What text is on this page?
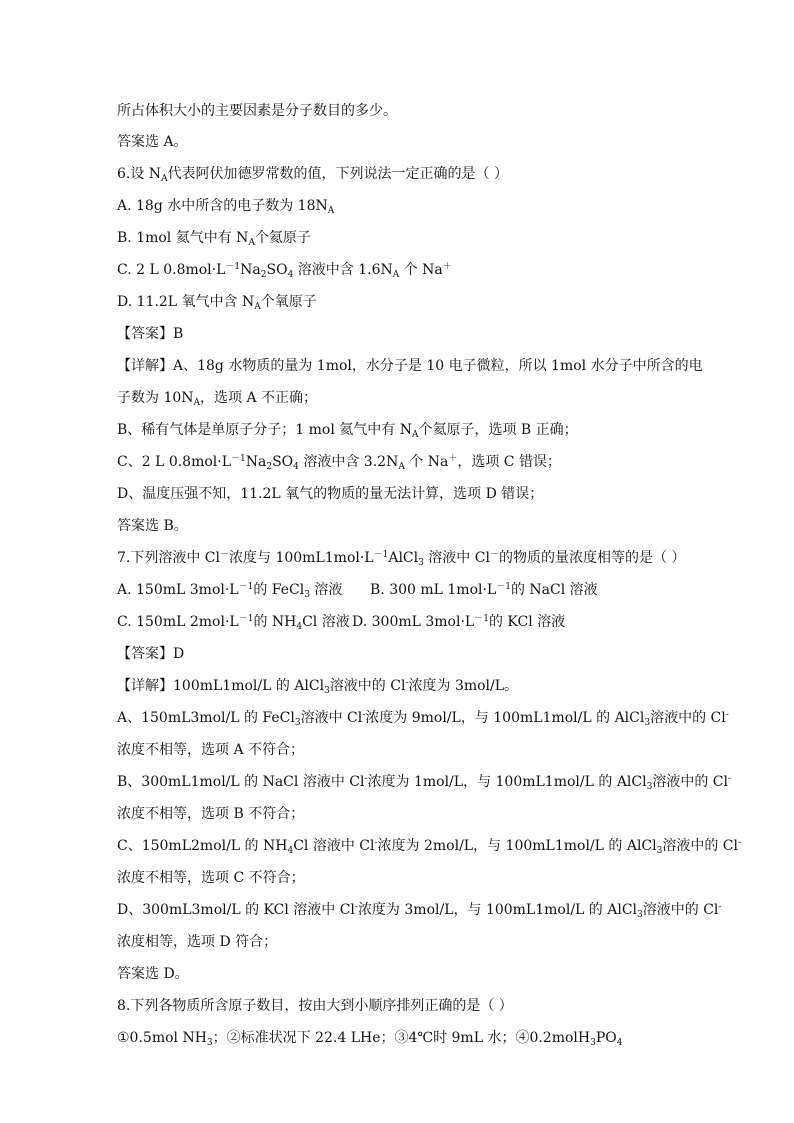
所占体积大小的主要因素是分子数目的多少。
答案选 A。
6.设 $N_A$代表阿伏加德罗常数的值，下列说法一定正确的是（ ）
A. 18g 水中所含的电子数为 $18N_A$
B. 1mol 氦气中有 $N_A$个氦原子
C. 2 L $0.8mol\cdot L^{-1}Na_2SO_4$ 溶液中含 $1.6N_A$ 个 Na＋
D. 11.2L 氧气中含 $N_A$个氧原子
【答案】B
【详解】A、18g 水物质的量为 1mol，水分子是 10 电子微粒，所以 1mol 水分子中所含的电
子数为 $10N_A$，选项 A 不正确；
B、稀有气体是单原子分子；1 mol 氦气中有 $N_A$个氦原子，选项 B 正确；
C、2 L $0.8mol\cdot L^{-1}Na_2SO_4$ 溶液中含 $3.2N_A$ 个 Na＋，选项 C 错误；
D、温度压强不知，11.2L 氧气的物质的量无法计算，选项 D 错误；
答案选 B。
7.下列溶液中 Cl－浓度与 $100mL1mol\cdot L^{-1}AlCl_3$ 溶液中 Cl－的物质的量浓度相等的是（ ）
A. 150mL $3mol\cdot L^{-1}$的 FeCl$_3$ 溶液 B. 300 mL $1mol\cdot L^{-1}$的 NaCl 溶液
C. 150mL $2mol\cdot L^{-1}$的 $NH_4Cl$ 溶液 D. 300mL $3mol\cdot L^{-1}$的 KCl 溶液
【答案】D
【详解】100mL1mol/L 的 AlCl$_3$溶液中的 Cl-浓度为 3mol/L。
A、150mL3mol/L 的 FeCl$_3$溶液中 Cl-浓度为 9mol/L，与 100mL1mol/L 的 AlCl$_3$溶液中的 Cl-
浓度不相等，选项 A 不符合；
B、300mL1mol/L 的 NaCl 溶液中 Cl-浓度为 1mol/L，与 100mL1mol/L 的 AlCl$_3$溶液中的 Cl-
浓度不相等，选项 B 不符合；
C、150mL2mol/L 的 $NH_4Cl$ 溶液中 Cl-浓度为 2mol/L，与 100mL1mol/L 的 AlCl$_3$溶液中的 Cl-
浓度不相等，选项 C 不符合；
D、300mL3mol/L 的 KCl 溶液中 Cl-浓度为 3mol/L，与 100mL1mol/L 的 AlCl$_3$溶液中的 Cl-
浓度相等，选项 D 符合；
答案选 D。
8.下列各物质所含原子数目，按由大到小顺序排列正确的是（ ）
①0.5mol $NH_3$；②标准状况下 22.4 LHe；③4℃时 9mL 水；$④0.2molH_3PO_4$
